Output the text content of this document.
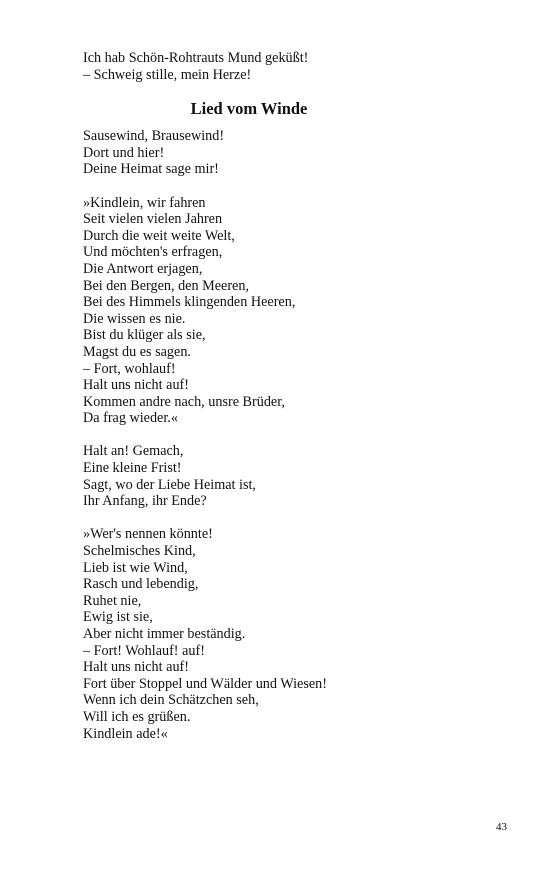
Ich hab Schön-Rohtrauts Mund geküßt!
– Schweig stille, mein Herze!
Lied vom Winde
Sausewind, Brausewind!
Dort und hier!
Deine Heimat sage mir!
»Kindlein, wir fahren
Seit vielen vielen Jahren
Durch die weit weite Welt,
Und möchten's erfragen,
Die Antwort erjagen,
Bei den Bergen, den Meeren,
Bei des Himmels klingenden Heeren,
Die wissen es nie.
Bist du klüger als sie,
Magst du es sagen.
– Fort, wohlauf!
Halt uns nicht auf!
Kommen andre nach, unsre Brüder,
Da frag wieder.«
Halt an! Gemach,
Eine kleine Frist!
Sagt, wo der Liebe Heimat ist,
Ihr Anfang, ihr Ende?
»Wer's nennen könnte!
Schelmisches Kind,
Lieb ist wie Wind,
Rasch und lebendig,
Ruhet nie,
Ewig ist sie,
Aber nicht immer beständig.
– Fort! Wohlauf! auf!
Halt uns nicht auf!
Fort über Stoppel und Wälder und Wiesen!
Wenn ich dein Schätzchen seh,
Will ich es grüßen.
Kindlein ade!«
43
